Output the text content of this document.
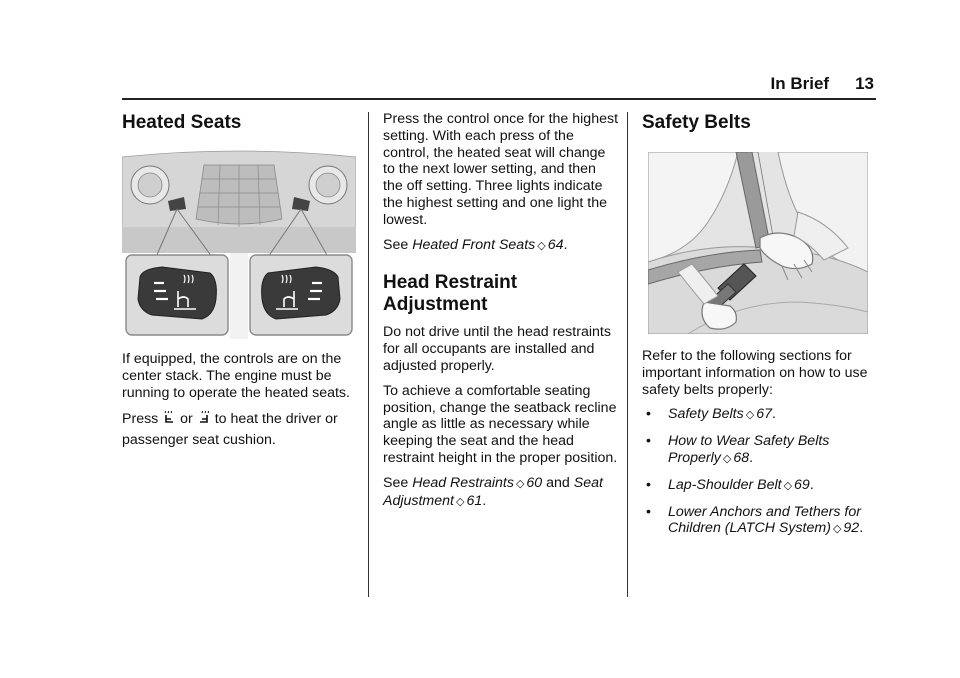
In Brief 13
Heated Seats

If equipped, the controls are on the center stack. The engine must be running to operate the heated seats.

Press or to heat the driver or passenger seat cushion.

Press the control once for the highest setting. With each press of the control, the heated seat will change to the next lower setting, and then the off setting. Three lights indicate the highest setting and one light the lowest.

See Heated Front Seats ◇ 64.

Head Restraint
Adjustment

Do not drive until the head restraints for all occupants are installed and adjusted properly.

To achieve a comfortable seating position, change the seatback recline angle as little as necessary while keeping the seat and the head restraint height in the proper position.

See Head Restraints ◇ 60 and Seat Adjustment ◇ 61.

Safety Belts

Refer to the following sections for important information on how to use safety belts properly:

•	Safety Belts ◇ 67.
•	How to Wear Safety Belts Properly ◇ 68.
•	Lap-Shoulder Belt ◇ 69.
•	Lower Anchors and Tethers for Children (LATCH System) ◇ 92.
